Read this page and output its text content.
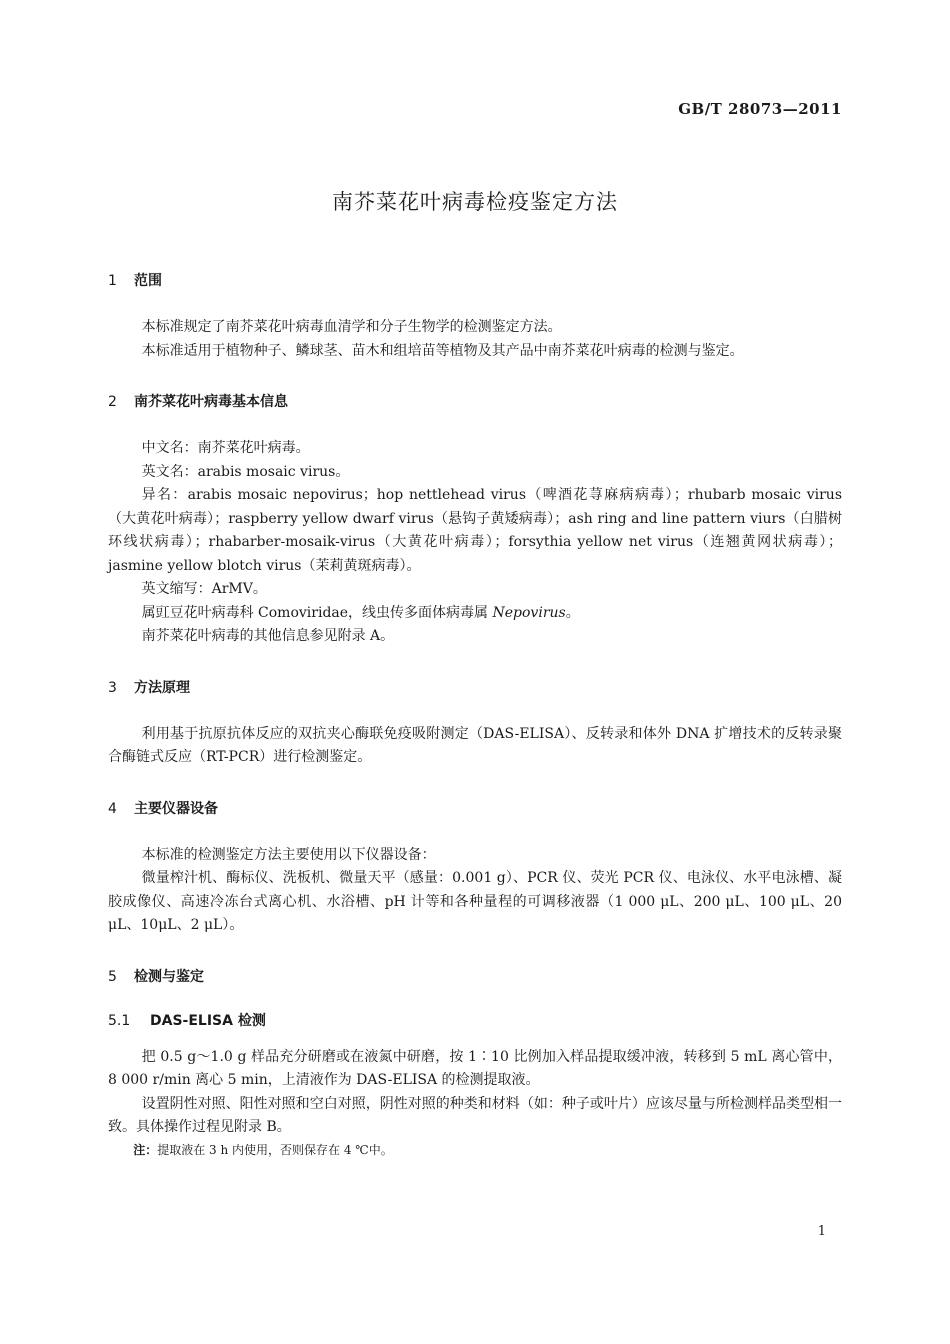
GB/T 28073—2011
南芥菜花叶病毒检疫鉴定方法
1 范围

本标准规定了南芥菜花叶病毒血清学和分子生物学的检测鉴定方法。

本标准适用于植物种子、鳞球茎、苗木和组培苗等植物及其产品中南芥菜花叶病毒的检测与鉴定。

2 南芥菜花叶病毒基本信息

中文名：南芥菜花叶病毒。

英文名：arabis mosaic virus。

异名：arabis mosaic nepovirus；hop nettlehead virus（啤酒花荨麻病病毒）；rhubarb mosaic virus（大黄花叶病毒）；raspberry yellow dwarf virus（悬钩子黄矮病毒）；ash ring and line pattern viurs（白腊树环线状病毒）；rhabarber-mosaik-virus（大黄花叶病毒）；forsythia yellow net virus（连翘黄网状病毒）；jasmine yellow blotch virus（茉莉黄斑病毒）。

英文缩写：ArMV。

属豇豆花叶病毒科 Comoviridae，线虫传多面体病毒属 Nepovirus。

南芥菜花叶病毒的其他信息参见附录 A。

3 方法原理

利用基于抗原抗体反应的双抗夹心酶联免疫吸附测定（DAS-ELISA）、反转录和体外 DNA 扩增技术的反转录聚合酶链式反应（RT-PCR）进行检测鉴定。

4 主要仪器设备

本标准的检测鉴定方法主要使用以下仪器设备：

微量榨汁机、酶标仪、洗板机、微量天平（感量：0.001 g）、PCR 仪、荧光 PCR 仪、电泳仪、水平电泳槽、凝胶成像仪、高速冷冻台式离心机、水浴槽、pH 计等和各种量程的可调移液器（1 000 μL、200 μL、100 μL、20 μL、10μL、2 μL）。

5 检测与鉴定
5.1 DAS-ELISA 检测

把 0.5 g～1.0 g 样品充分研磨或在液氮中研磨，按 1∶10 比例加入样品提取缓冲液，转移到 5 mL 离心管中，8 000 r/min 离心 5 min，上清液作为 DAS-ELISA 的检测提取液。

设置阴性对照、阳性对照和空白对照，阴性对照的种类和材料（如：种子或叶片）应该尽量与所检测样品类型相一致。具体操作过程见附录 B。

注：提取液在 3 h 内使用，否则保存在 4 ℃中。

1
